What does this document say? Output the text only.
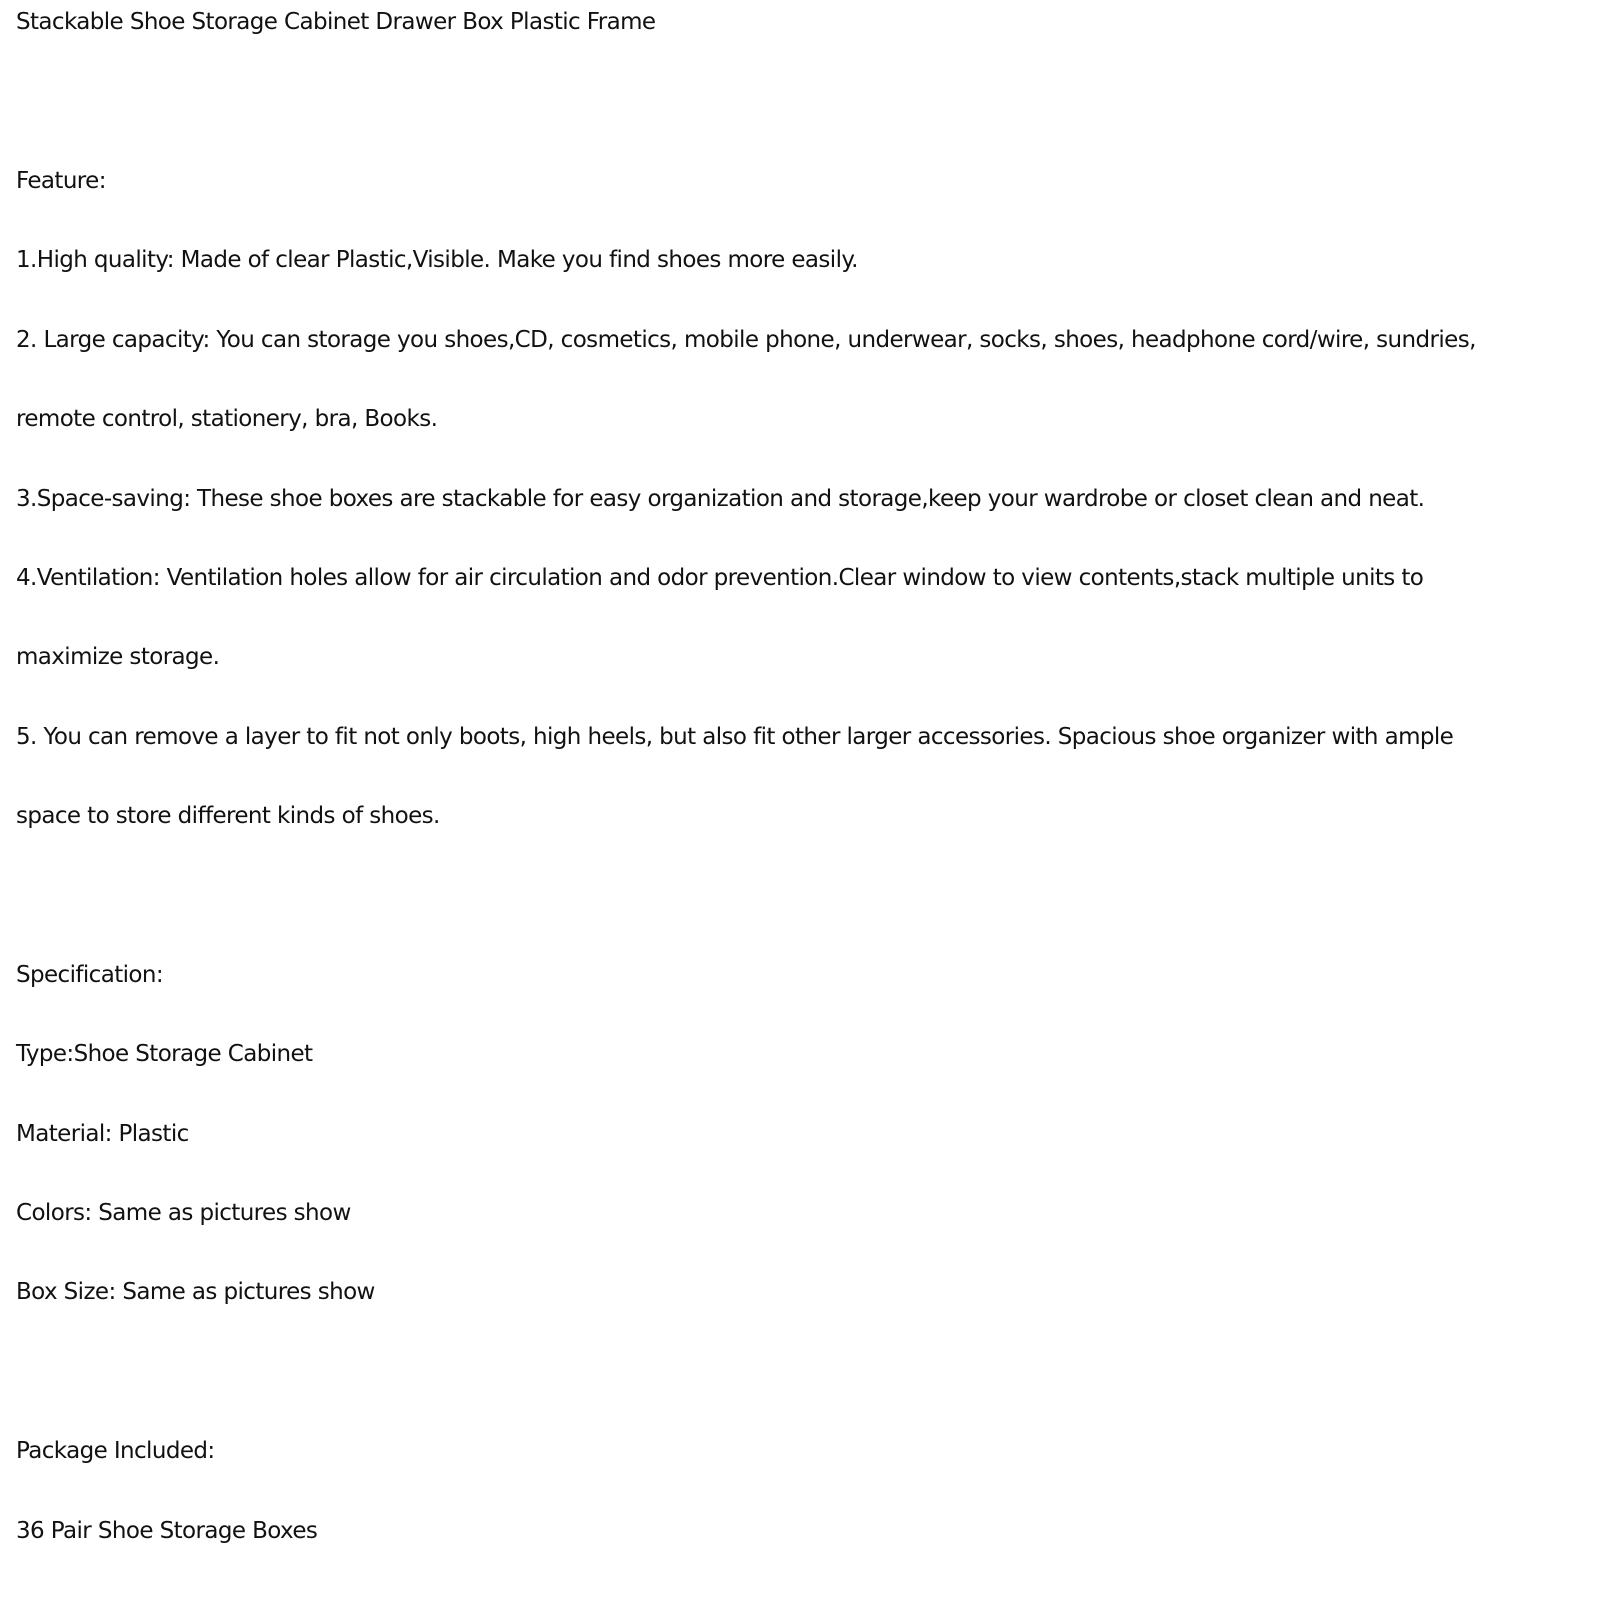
Stackable Shoe Storage Cabinet Drawer Box Plastic Frame
Feature:
1.High quality: Made of clear Plastic,Visible. Make you find shoes more easily.
2. Large capacity: You can storage you shoes,CD, cosmetics, mobile phone, underwear, socks, shoes, headphone cord/wire, sundries,
remote control, stationery, bra, Books.
3.Space-saving: These shoe boxes are stackable for easy organization and storage,keep your wardrobe or closet clean and neat.
4.Ventilation: Ventilation holes allow for air circulation and odor prevention.Clear window to view contents,stack multiple units to
maximize storage.
5. You can remove a layer to fit not only boots, high heels, but also fit other larger accessories. Spacious shoe organizer with ample
space to store different kinds of shoes.
Specification:
Type:Shoe Storage Cabinet
Material: Plastic
Colors: Same as pictures show
Box Size: Same as pictures show
Package Included:
36 Pair Shoe Storage Boxes
